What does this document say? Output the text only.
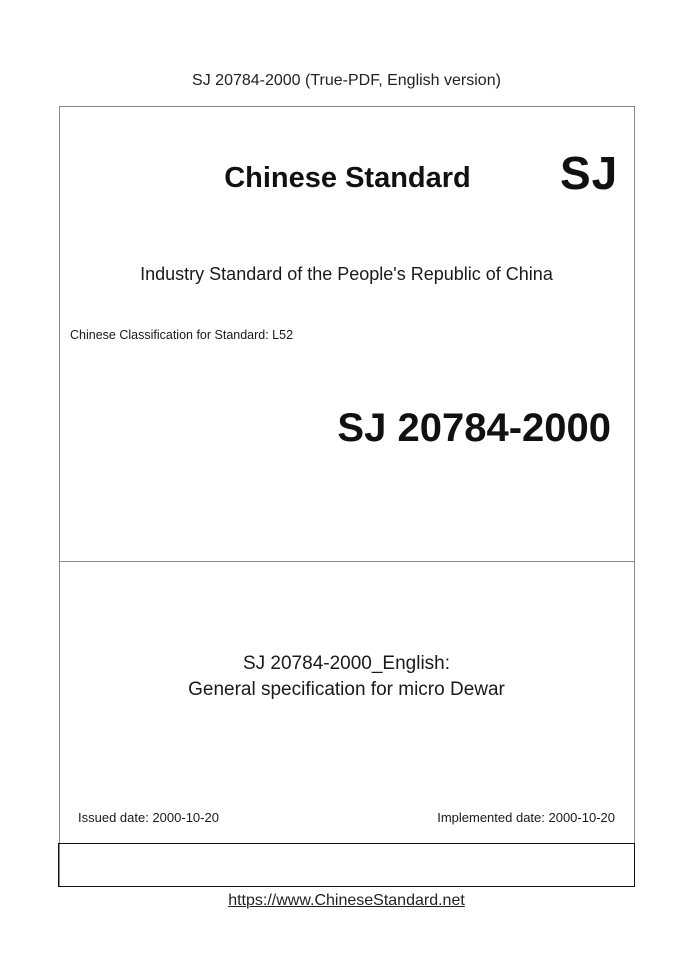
SJ 20784-2000 (True-PDF, English version)
Chinese Standard	SJ
Industry Standard of the People's Republic of China
Chinese Classification for Standard: L52
SJ 20784-2000
SJ 20784-2000_English:
General specification for micro Dewar
Issued date: 2000-10-20	Implemented date: 2000-10-20
https://www.ChineseStandard.net
